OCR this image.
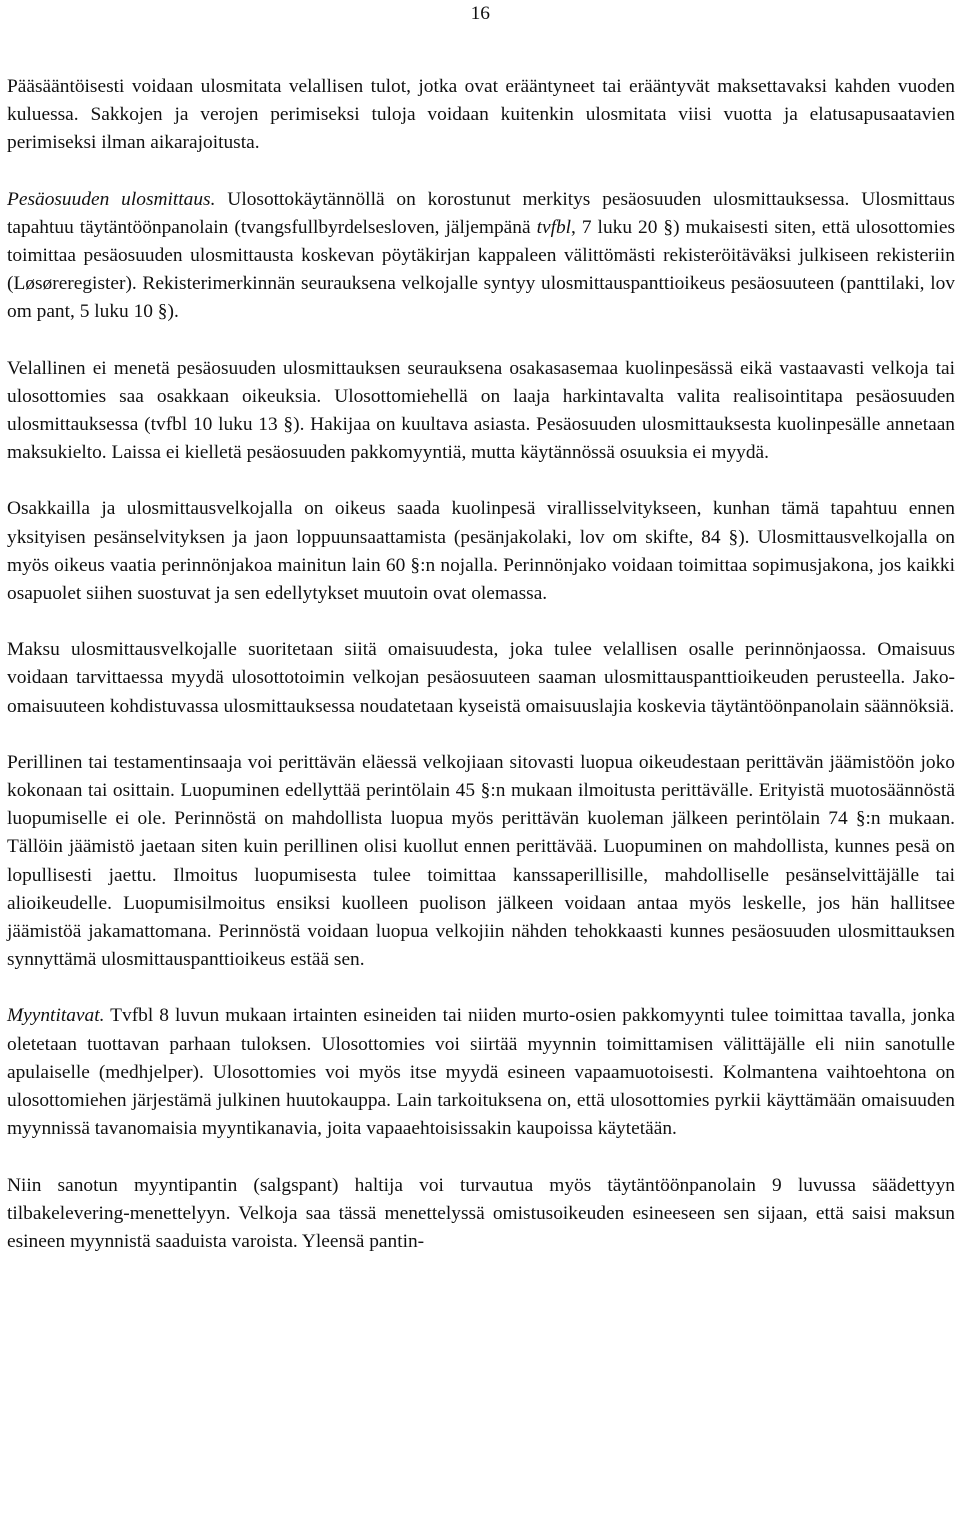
16

Pääsääntöisesti voidaan ulosmitata velallisen tulot, jotka ovat erääntyneet tai erääntyvät maksettavaksi kahden vuoden kuluessa. Sakkojen ja verojen perimiseksi tuloja voidaan kuitenkin ulosmitata viisi vuotta ja elatusapusaatavien perimiseksi ilman aikarajoitusta.

Pesäosuuden ulosmittaus. Ulosottokäytännöllä on korostunut merkitys pesäosuuden ulosmittauksessa. Ulosmittaus tapahtuu täytäntöönpanolain (tvangsfullbyrdelsesloven, jäljempänä tvfbl, 7 luku 20 §) mukaisesti siten, että ulosottomies toimittaa pesäosuuden ulosmittausta koskevan pöytäkirjan kappaleen välittömästi rekisteröitäväksi julkiseen rekisteriin (Løsøreregister). Rekisterimerkinnän seurauksena velkojalle syntyy ulosmittauspanttioikeus pesäosuuteen (panttilaki, lov om pant, 5 luku 10 §).

Velallinen ei menetä pesäosuuden ulosmittauksen seurauksena osakasasemaa kuolinpesässä eikä vastaavasti velkoja tai ulosottomies saa osakkaan oikeuksia. Ulosottomiehellä on laaja harkintavalta valita realisointitapa pesäosuuden ulosmittauksessa (tvfbl 10 luku 13 §). Hakijaa on kuultava asiasta. Pesäosuuden ulosmittauksesta kuolinpesälle annetaan maksukielto. Laissa ei kielletä pesäosuuden pakkomyyntiä, mutta käytännössä osuuksia ei myydä.

Osakkailla ja ulosmittausvelkojalla on oikeus saada kuolinpesä virallisselvitykseen, kunhan tämä tapahtuu ennen yksityisen pesänselvityksen ja jaon loppuunsaattamista (pesänjakolaki, lov om skifte, 84 §). Ulosmittausvelkojalla on myös oikeus vaatia perinnönjakoa mainitun lain 60 §:n nojalla. Perinnönjako voidaan toimittaa sopimusjakona, jos kaikki osapuolet siihen suostuvat ja sen edellytykset muutoin ovat olemassa.

Maksu ulosmittausvelkojalle suoritetaan siitä omaisuudesta, joka tulee velallisen osalle perinnönjaossa. Omaisuus voidaan tarvittaessa myydä ulosottotoimin velkojan pesäosuuteen saaman ulosmittauspanttioikeuden perusteella. Jako-omaisuuteen kohdistuvassa ulosmittauksessa noudatetaan kyseistä omaisuuslajia koskevia täytäntöönpanolain säännöksiä.

Perillinen tai testamentinsaaja voi perittävän eläessä velkojiaan sitovasti luopua oikeudestaan perittävän jäämistöön joko kokonaan tai osittain. Luopuminen edellyttää perintölain 45 §:n mukaan ilmoitusta perittävälle. Erityistä muotosäännöstä luopumiselle ei ole. Perinnöstä on mahdollista luopua myös perittävän kuoleman jälkeen perintölain 74 §:n mukaan. Tällöin jäämistö jaetaan siten kuin perillinen olisi kuollut ennen perittävää. Luopuminen on mahdollista, kunnes pesä on lopullisesti jaettu. Ilmoitus luopumisesta tulee toimittaa kanssaperillisille, mahdolliselle pesänselvittäjälle tai alioikeudelle. Luopumisilmoitus ensiksi kuolleen puolison jälkeen voidaan antaa myös leskelle, jos hän hallitsee jäämistöä jakamattomana. Perinnöstä voidaan luopua velkojiin nähden tehokkaasti kunnes pesäosuuden ulosmittauksen synnyttämä ulosmittauspanttioikeus estää sen.

Myyntitavat. Tvfbl 8 luvun mukaan irtainten esineiden tai niiden murto-osien pakkomyynti tulee toimittaa tavalla, jonka oletetaan tuottavan parhaan tuloksen. Ulosottomies voi siirtää myynnin toimittamisen välittäjälle eli niin sanotulle apulaiselle (medhjelper). Ulosottomies voi myös itse myydä esineen vapaamuotoisesti. Kolmantena vaihtoehtona on ulosottomiehen järjestämä julkinen huutokauppa. Lain tarkoituksena on, että ulosottomies pyrkii käyttämään omaisuuden myynnissä tavanomaisia myyntikanavia, joita vapaaehtoisissakin kaupoissa käytetään.

Niin sanotun myyntipantin (salgspant) haltija voi turvautua myös täytäntöönpanolain 9 luvussa säädettyyn tilbakelevering-menettelyyn. Velkoja saa tässä menettelyssä omistusoikeuden esineeseen sen sijaan, että saisi maksun esineen myynnistä saaduista varoista. Yleensä pantin-
